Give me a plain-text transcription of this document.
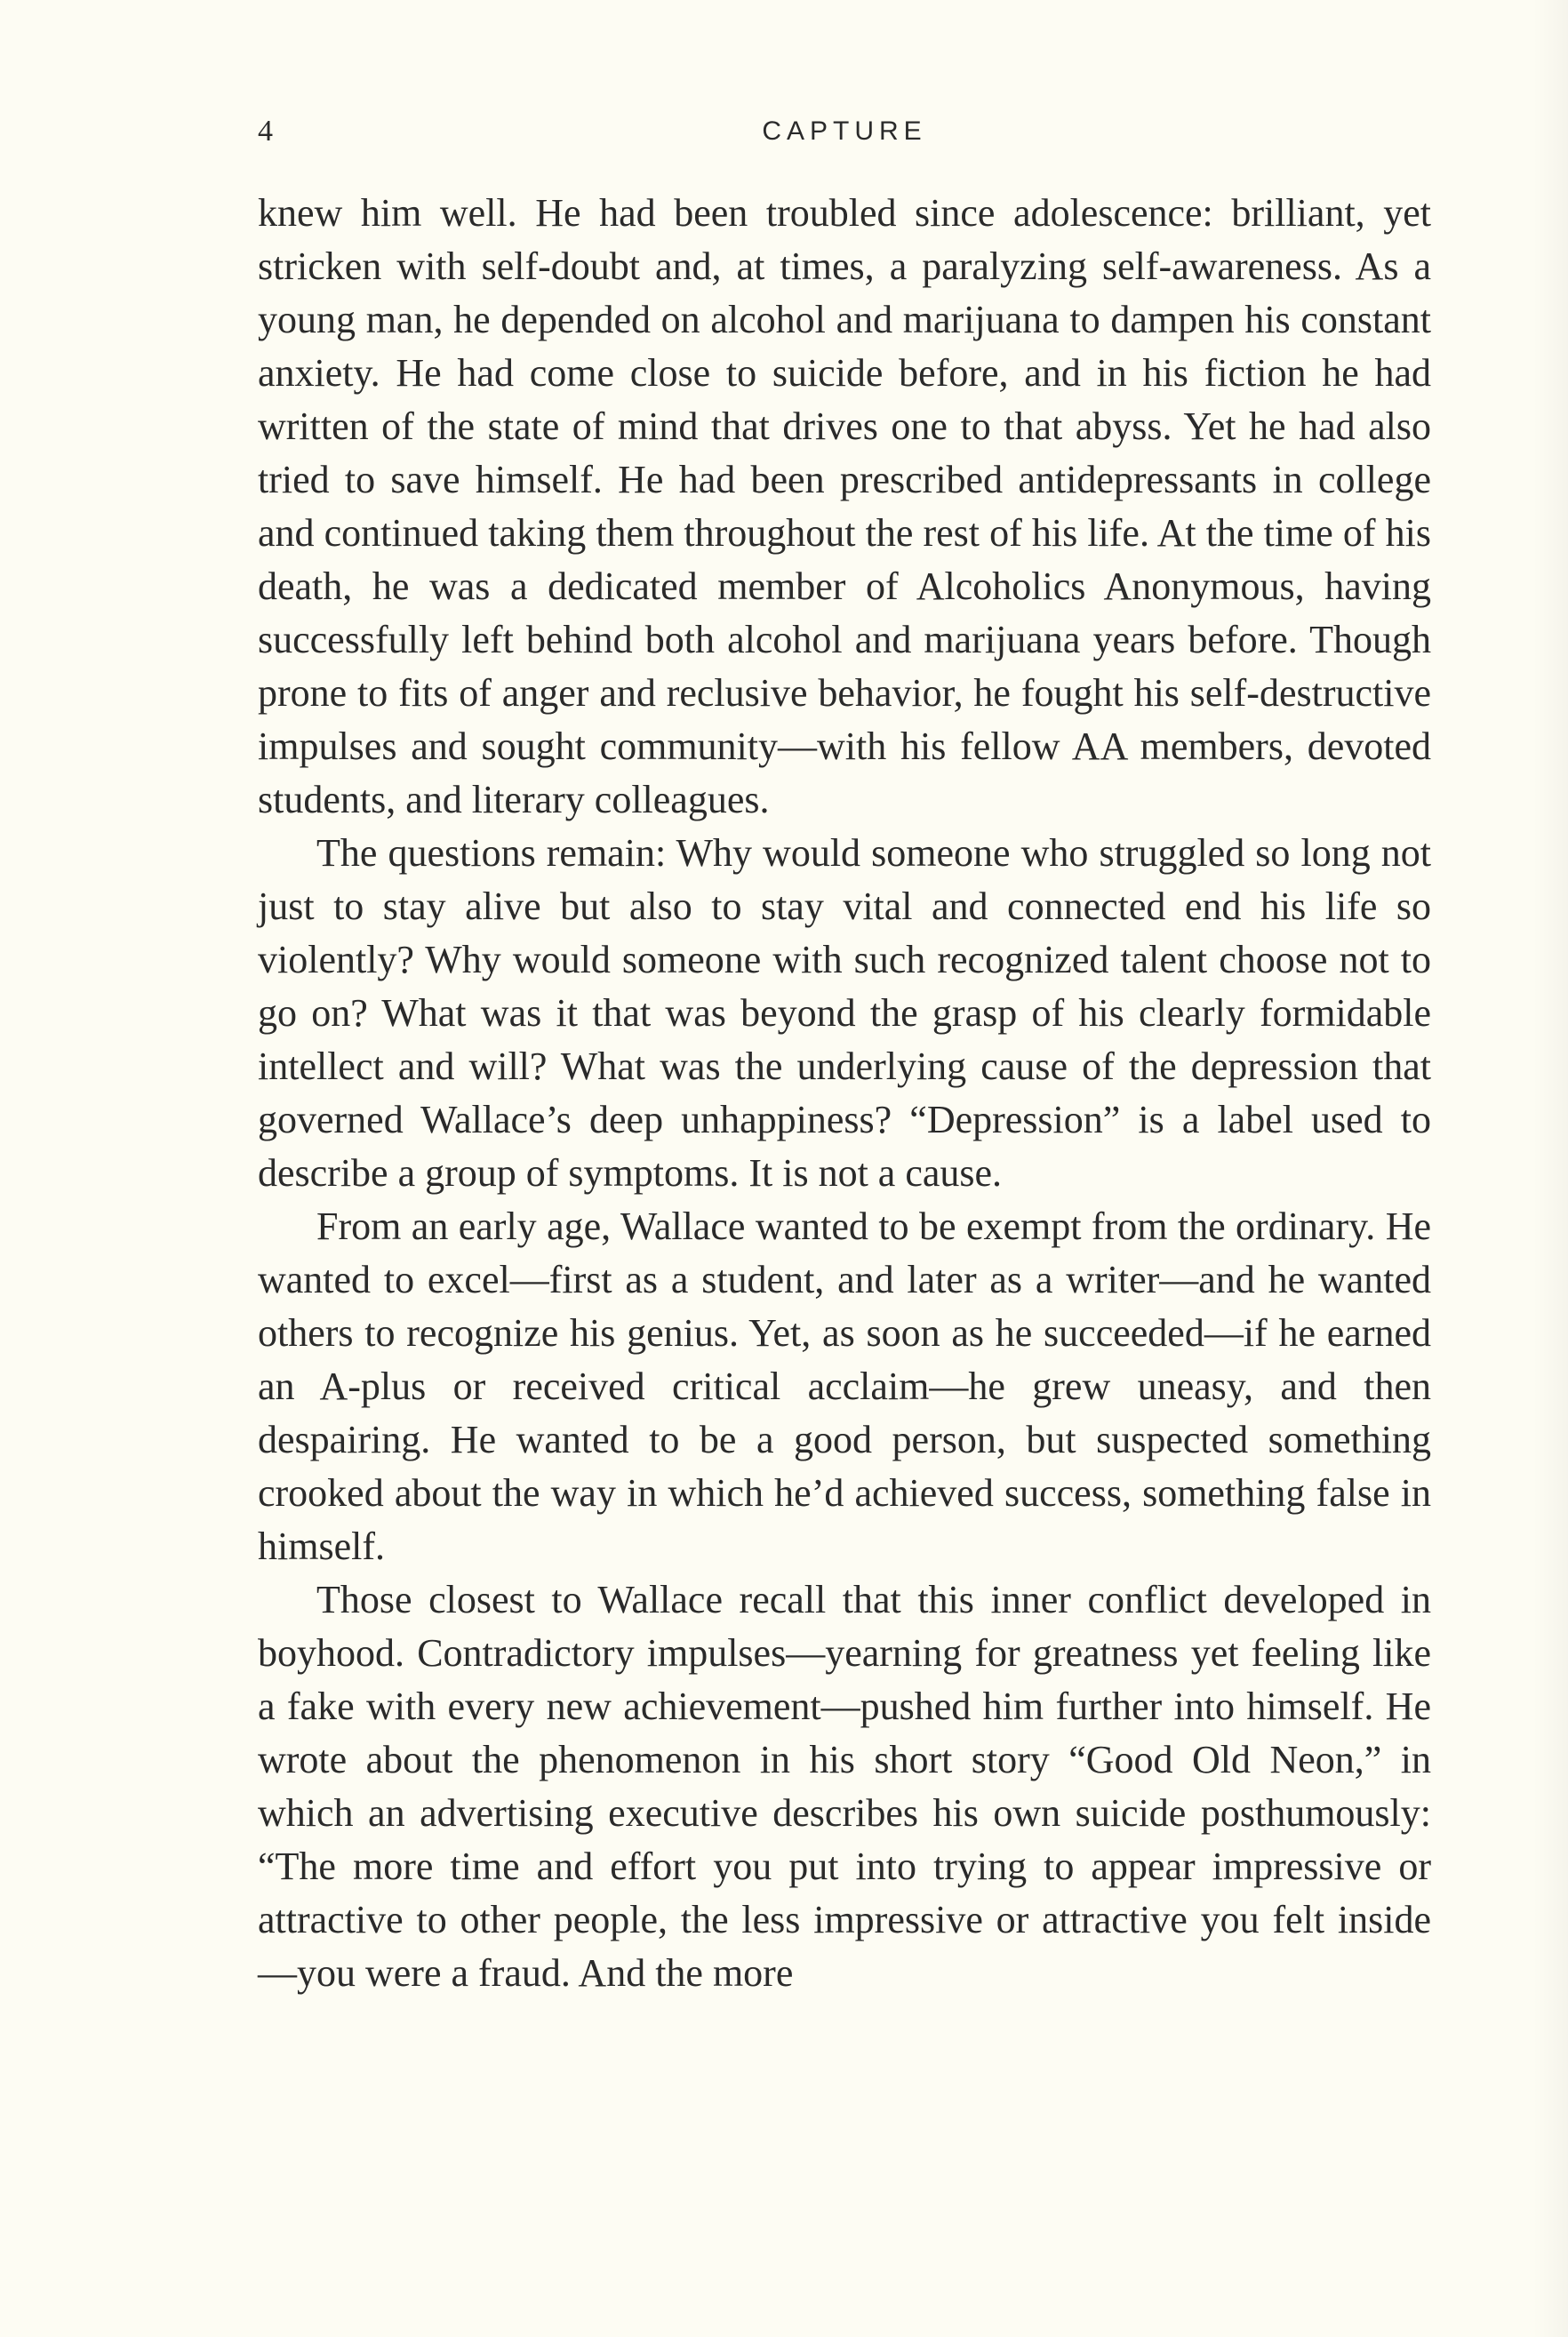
4	CAPTURE

knew him well. He had been troubled since adolescence: brilliant, yet stricken with self-doubt and, at times, a paralyzing self-awareness. As a young man, he depended on alcohol and marijuana to dampen his constant anxiety. He had come close to suicide before, and in his fiction he had written of the state of mind that drives one to that abyss. Yet he had also tried to save himself. He had been prescribed antidepressants in college and continued taking them throughout the rest of his life. At the time of his death, he was a dedicated member of Alcoholics Anonymous, having successfully left behind both alcohol and marijuana years before. Though prone to fits of anger and reclusive behavior, he fought his self-destructive impulses and sought community—with his fellow AA members, devoted students, and literary colleagues.

The questions remain: Why would someone who struggled so long not just to stay alive but also to stay vital and connected end his life so violently? Why would someone with such recognized talent choose not to go on? What was it that was beyond the grasp of his clearly formidable intellect and will? What was the underlying cause of the depression that governed Wallace’s deep unhappiness? “Depression” is a label used to describe a group of symptoms. It is not a cause.

From an early age, Wallace wanted to be exempt from the ordinary. He wanted to excel—first as a student, and later as a writer—and he wanted others to recognize his genius. Yet, as soon as he succeeded—if he earned an A-plus or received critical acclaim—he grew uneasy, and then despairing. He wanted to be a good person, but suspected something crooked about the way in which he’d achieved success, something false in himself.

Those closest to Wallace recall that this inner conflict developed in boyhood. Contradictory impulses—yearning for greatness yet feeling like a fake with every new achievement—pushed him further into himself. He wrote about the phenomenon in his short story “Good Old Neon,” in which an advertising executive describes his own suicide posthumously: “The more time and effort you put into trying to appear impressive or attractive to other people, the less impressive or attractive you felt inside—you were a fraud. And the more
